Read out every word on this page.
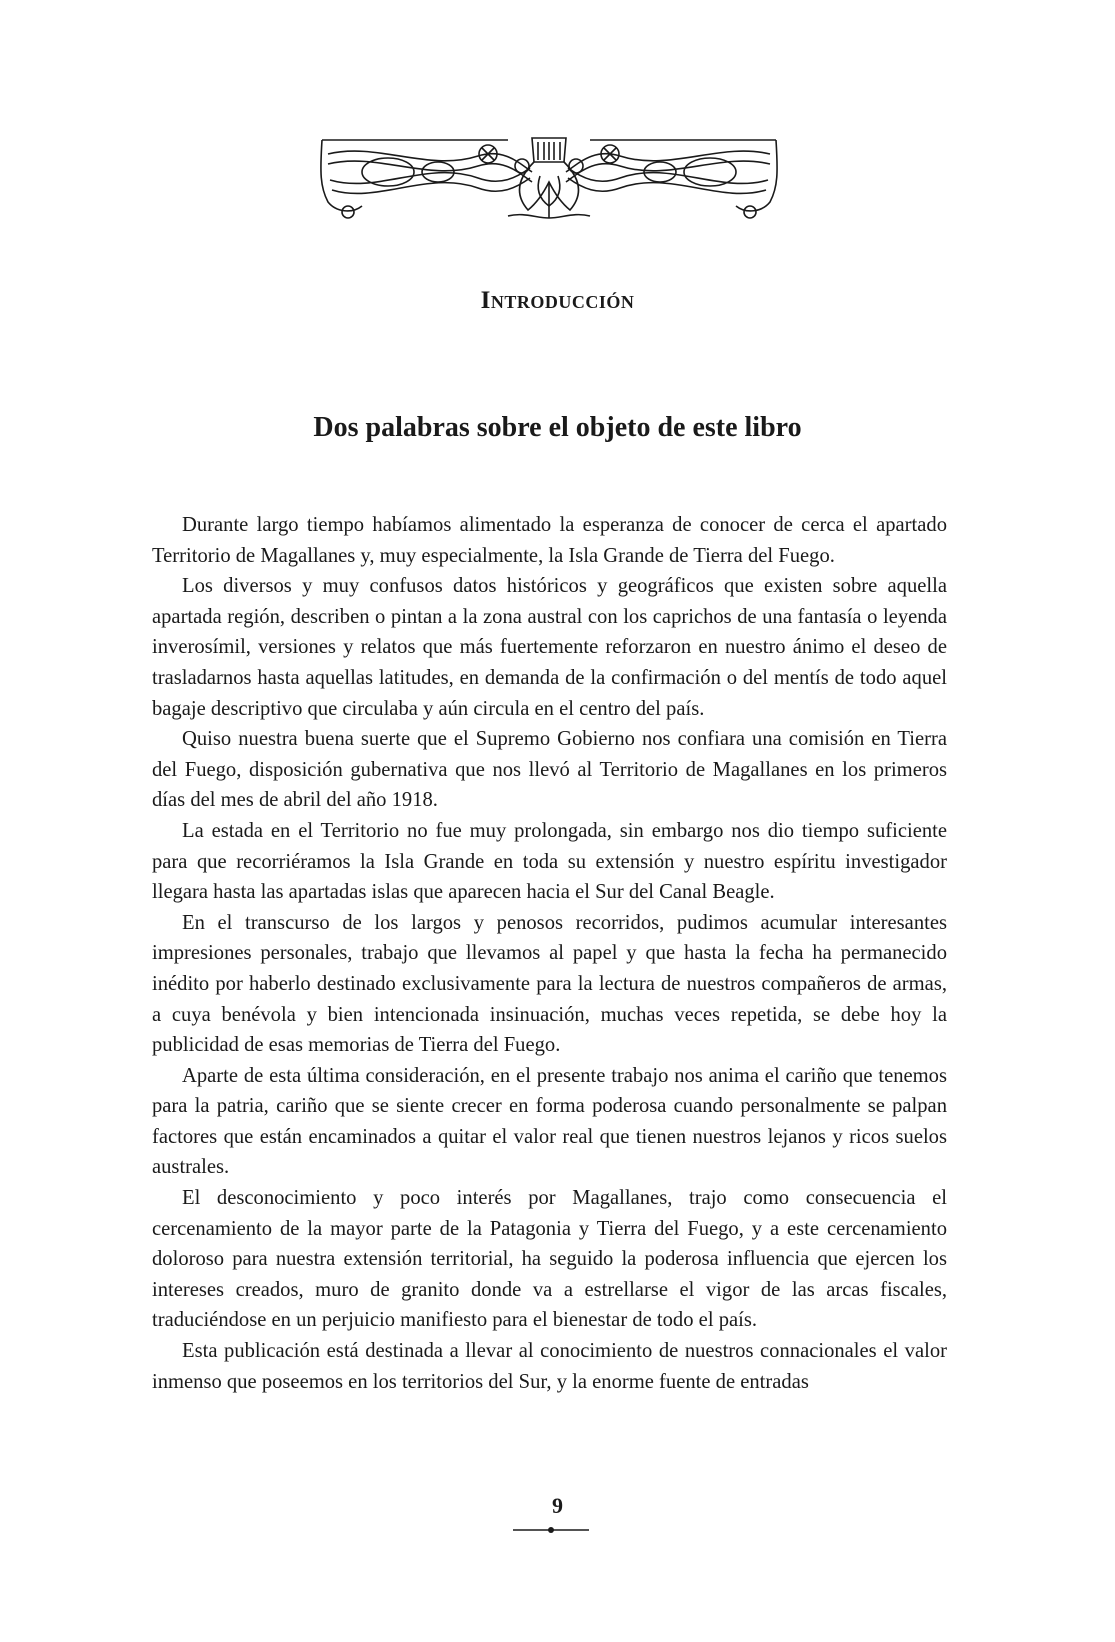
Introducción
Dos palabras sobre el objeto de este libro

Durante largo tiempo habíamos alimentado la esperanza de conocer de cerca el apartado Territorio de Magallanes y, muy especialmente, la Isla Grande de Tierra del Fuego.

Los diversos y muy confusos datos históricos y geográficos que existen sobre aquella apartada región, describen o pintan a la zona austral con los caprichos de una fantasía o leyenda inverosímil, versiones y relatos que más fuertemente reforzaron en nuestro ánimo el deseo de trasladarnos hasta aquellas latitudes, en demanda de la confirmación o del mentís de todo aquel bagaje descriptivo que circulaba y aún circula en el centro del país.

Quiso nuestra buena suerte que el Supremo Gobierno nos confiara una comisión en Tierra del Fuego, disposición gubernativa que nos llevó al Territorio de Magallanes en los primeros días del mes de abril del año 1918.

La estada en el Territorio no fue muy prolongada, sin embargo nos dio tiempo suficiente para que recorriéramos la Isla Grande en toda su extensión y nuestro espíritu investigador llegara hasta las apartadas islas que aparecen hacia el Sur del Canal Beagle.

En el transcurso de los largos y penosos recorridos, pudimos acumular interesantes impresiones personales, trabajo que llevamos al papel y que hasta la fecha ha permanecido inédito por haberlo destinado exclusivamente para la lectura de nuestros compañeros de armas, a cuya benévola y bien intencionada insinuación, muchas veces repetida, se debe hoy la publicidad de esas memorias de Tierra del Fuego.

Aparte de esta última consideración, en el presente trabajo nos anima el cariño que tenemos para la patria, cariño que se siente crecer en forma poderosa cuando personalmente se palpan factores que están encaminados a quitar el valor real que tienen nuestros lejanos y ricos suelos australes.

El desconocimiento y poco interés por Magallanes, trajo como consecuencia el cercenamiento de la mayor parte de la Patagonia y Tierra del Fuego, y a este cercenamiento doloroso para nuestra extensión territorial, ha seguido la poderosa influencia que ejercen los intereses creados, muro de granito donde va a estrellarse el vigor de las arcas fiscales, traduciéndose en un perjuicio manifiesto para el bienestar de todo el país.

Esta publicación está destinada a llevar al conocimiento de nuestros connacionales el valor inmenso que poseemos en los territorios del Sur, y la enorme fuente de entradas

9
